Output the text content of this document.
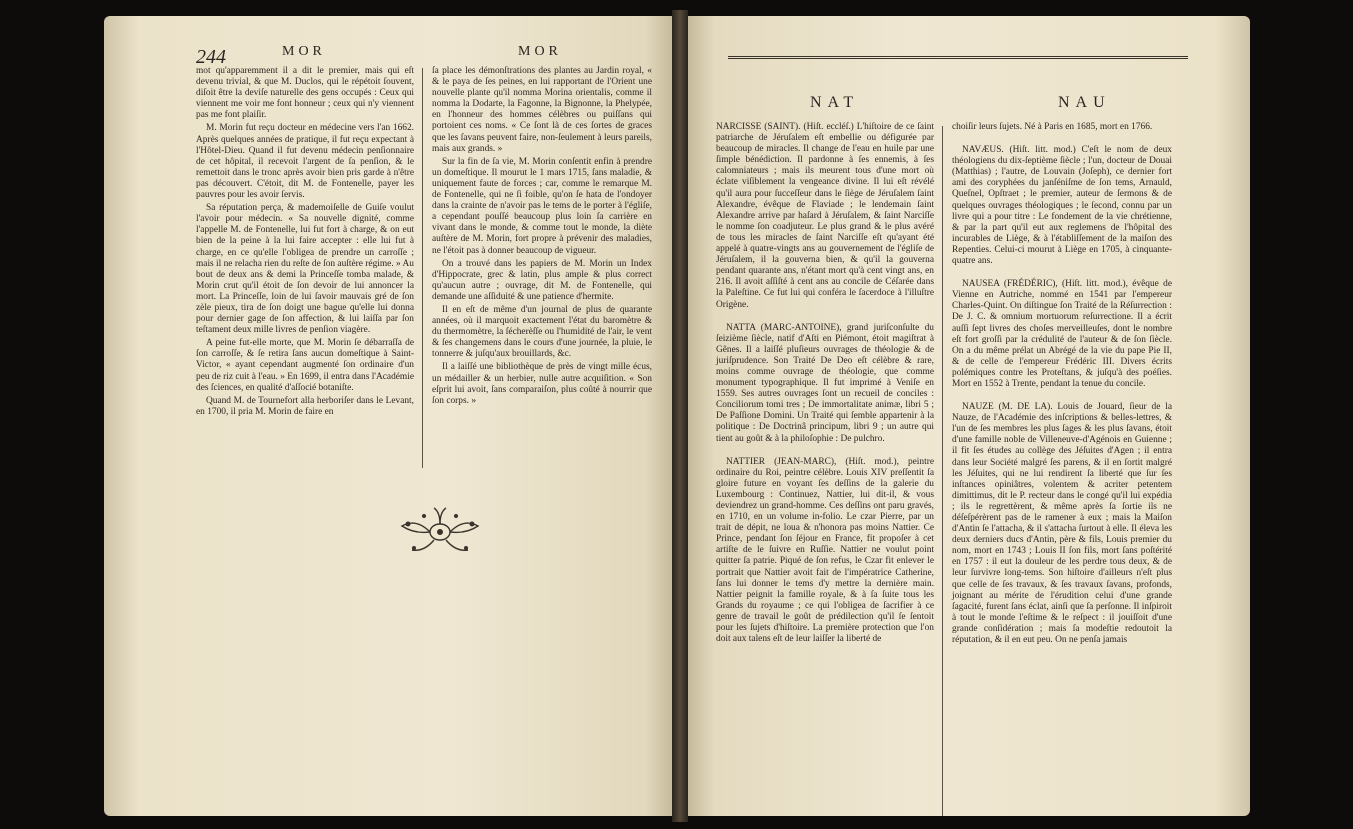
244	MOR	MOR

mot qu'apparemment il a dit le premier, mais qui eſt devenu trivial, & que M. Duclos, qui le répétoit ſouvent, diſoit être la deviſe naturelle des gens occupés : Ceux qui viennent me voir me font honneur ; ceux qui n'y viennent pas me font plaiſir.

M. Morin fut reçu docteur en médecine vers l'an 1662. Après quelques années de pratique, il fut reçu expectant à l'Hôtel-Dieu. Quand il fut devenu médecin penſionnaire de cet hôpital, il recevoit l'argent de ſa penſion, & le remettoit dans le tronc après avoir bien pris garde à n'être pas découvert. C'étoit, dit M. de Fontenelle, payer les pauvres pour les avoir ſervis.

Sa réputation perça, & mademoiſelle de Guiſe voulut l'avoir pour médecin. « Sa nouvelle dignité, comme l'appelle M. de Fontenelle, lui fut fort à charge, & on eut bien de la peine à la lui faire accepter : elle lui fut à charge, en ce qu'elle l'obligea de prendre un carroſſe ; mais il ne relacha rien du reſte de ſon auſtère régime. » Au bout de deux ans & demi la Princeſſe tomba malade, & Morin crut qu'il étoit de ſon devoir de lui annoncer la mort. La Princeſſe, loin de lui ſavoir mauvais gré de ſon zèle pieux, tira de ſon doigt une bague qu'elle lui donna pour dernier gage de ſon affection, & lui laiſſa par ſon teſtament deux mille livres de penſion viagère.

A peine fut-elle morte, que M. Morin ſe débarraſſa de ſon carroſſe, & ſe retira ſans aucun domeſtique à Saint-Victor, « ayant cependant augmenté ſon ordinaire d'un peu de riz cuit à l'eau. » En 1699, il entra dans l'Académie des ſciences, en qualité d'aſſocié botaniſte.

Quand M. de Tournefort alla herboriſer dans le Levant, en 1700, il pria M. Morin de faire en

ſa place les démonſtrations des plantes au Jardin royal, « & le paya de ſes peines, en lui rapportant de l'Orient une nouvelle plante qu'il nomma Morina orientalis, comme il nomma la Dodarte, la Fagonne, la Bignonne, la Phelypée, en l'honneur des hommes célèbres ou puiſſans qui portoient ces noms. « Ce ſont là de ces ſortes de graces que les ſavans peuvent faire, non-ſeulement à leurs pareils, mais aux grands. »

Sur la fin de ſa vie, M. Morin conſentit enfin à prendre un domeſtique. Il mourut le 1 mars 1715, ſans maladie, & uniquement faute de forces ; car, comme le remarque M. de Fontenelle, qui ne ſi foible, qu'on ſe hata de l'ondoyer dans la crainte de n'avoir pas le tems de le porter à l'égliſe, a cependant pouſſé beaucoup plus loin ſa carrière en vivant dans le monde, & comme tout le monde, la diète auſtère de M. Morin, fort propre à prévenir des maladies, ne l'étoit pas à donner beaucoup de vigueur.

On a trouvé dans les papiers de M. Morin un Index d'Hippocrate, grec & latin, plus ample & plus correct qu'aucun autre ; ouvrage, dit M. de Fontenelle, qui demande une aſſiduité & une patience d'hermite.

Il en eſt de même d'un journal de plus de quarante années, où il marquoit exactement l'état du baromètre & du thermomètre, la ſécherèſſe ou l'humidité de l'air, le vent & ſes changemens dans le cours d'une journée, la pluie, le tonnerre & juſqu'aux brouillards, &c.

Il a laiſſé une bibliothèque de près de vingt mille écus, un médailler & un herbier, nulle autre acquiſition. « Son eſprit lui avoit, ſans comparaiſon, plus coûté à nourrir que ſon corps. »

NAT	NAU

NARCISSE (SAINT). (Hiſt. eccléſ.) L'hiſtoire de ce ſaint patriarche de Jéruſalem eſt embellie ou défigurée par beaucoup de miracles. Il change de l'eau en huile par une ſimple bénédiction. Il pardonne à ſes ennemis, à ſes calomniateurs ; mais ils meurent tous d'une mort où éclate viſiblement la vengeance divine. Il lui eſt révélé qu'il aura pour ſucceſſeur dans le ſiège de Jéruſalem ſaint Alexandre, évêque de Flaviade ; le lendemain ſaint Alexandre arrive par haſard à Jéruſalem, & ſaint Narciſſe le nomme ſon coadjuteur. Le plus grand & le plus avéré de tous les miracles de ſaint Narciſſe eſt qu'ayant été appelé à quatre-vingts ans au gouvernement de l'égliſe de Jéruſalem, il la gouverna bien, & qu'il la gouverna pendant quarante ans, n'étant mort qu'à cent vingt ans, en 216. Il avoit aſſiſté à cent ans au concile de Céſarée dans la Paleſtine. Ce fut lui qui conféra le ſacerdoce à l'illuſtre Origène.

NATTA (MARC-ANTOINE), grand juriſconſulte du ſeizième ſiècle, natif d'Aſti en Piémont, étoit magiſtrat à Gênes. Il a laiſſé pluſieurs ouvrages de théologie & de juriſprudence. Son Traité De Deo eſt célèbre & rare, moins comme ouvrage de théologie, que comme monument typographique. Il fut imprimé à Veniſe en 1559. Ses autres ouvrages ſont un recueil de conciles : Conciliorum tomi tres ; De immortalitate animæ, libri 5 ; De Paſſione Domini. Un Traité qui ſemble appartenir à la politique : De Doctrinâ principum, libri 9 ; un autre qui tient au goût & à la philoſophie : De pulchro.

NATTIER (JEAN-MARC), (Hiſt. mod.), peintre ordinaire du Roi, peintre célèbre. Louis XIV preſſentit ſa gloire future en voyant ſes deſſins de la galerie du Luxembourg : Continuez, Nattier, lui dit-il, & vous deviendrez un grand-homme. Ces deſſins ont paru gravés, en 1710, en un volume in-folio. Le czar Pierre, par un trait de dépit, ne loua & n'honora pas moins Nattier. Ce Prince, pendant ſon ſéjour en France, fit propoſer à cet artiſte de le ſuivre en Ruſſie. Nattier ne voulut point quitter ſa patrie. Piqué de ſon refus, le Czar fit enlever le portrait que Nattier avoit fait de l'impératrice Catherine, ſans lui donner le tems d'y mettre la dernière main. Nattier peignit la famille royale, & à ſa ſuite tous les Grands du royaume ; ce qui l'obligea de ſacrifier à ce genre de travail le goût de prédilection qu'il ſe ſentoit pour les ſujets d'hiſtoire. La première protection que l'on doit aux talens eſt de leur laiſſer la liberté de

choiſir leurs ſujets. Né à Paris en 1685, mort en 1766.

NAVÆUS. (Hiſt. litt. mod.) C'eſt le nom de deux théologiens du dix-ſeptième ſiècle ; l'un, docteur de Douai (Matthias) ; l'autre, de Louvain (Joſeph), ce dernier fort ami des coryphées du janſéniſme de ſon tems, Arnauld, Queſnel, Opſtraet ; le premier, auteur de ſermons & de quelques ouvrages théologiques ; le ſecond, connu par un livre qui a pour titre : Le fondement de la vie chrétienne, & par la part qu'il eut aux reglemens de l'hôpital des incurables de Liège, & à l'établiſſement de la maiſon des Repenties. Celui-ci mourut à Liège en 1705, à cinquante-quatre ans.

NAUSEA (FRÉDÉRIC), (Hiſt. litt. mod.), évêque de Vienne en Autriche, nommé en 1541 par l'empereur Charles-Quint. On diſtingue ſon Traité de la Réſurrection : De J. C. & omnium mortuorum reſurrectione. Il a écrit auſſi ſept livres des choſes merveilleuſes, dont le nombre eſt fort groſſi par la crédulité de l'auteur & de ſon ſiècle. On a du même prélat un Abrégé de la vie du pape Pie II, & de celle de l'empereur Frédéric III. Divers écrits polémiques contre les Proteſtans, & juſqu'à des poéſies. Mort en 1552 à Trente, pendant la tenue du concile.

NAUZE (M. DE LA). Louis de Jouard, ſieur de la Nauze, de l'Académie des inſcriptions & belles-lettres, & l'un de ſes membres les plus ſages & les plus ſavans, étoit d'une famille noble de Villeneuve-d'Agénois en Guienne ; il fit ſes études au collège des Jéſuites d'Agen ; il entra dans leur Société malgré ſes parens, & il en ſortit malgré les Jéſuites, qui ne lui rendirent ſa liberté que ſur ſes inſtances opiniâtres, volentem & acriter petentem dimittimus, dit le P. recteur dans le congé qu'il lui expédia ; ils le regrettèrent, & même après ſa ſortie ils ne déſeſpérèrent pas de le ramener à eux ; mais la Maiſon d'Antin ſe l'attacha, & il s'attacha ſurtout à elle. Il éleva les deux derniers ducs d'Antin, père & fils, Louis premier du nom, mort en 1743 ; Louis II ſon fils, mort ſans poſtérité en 1757 : il eut la douleur de les perdre tous deux, & de leur ſurvivre long-tems. Son hiſtoire d'ailleurs n'eſt plus que celle de ſes travaux, & ſes travaux ſavans, profonds, joignant au mérite de l'érudition celui d'une grande ſagacité, furent ſans éclat, ainſi que ſa perſonne. Il inſpiroit à tout le monde l'eſtime & le reſpect : il jouiſſoit d'une grande conſidération ; mais ſa modeſtie redoutoit la réputation, & il en eut peu. On ne penſa jamais
